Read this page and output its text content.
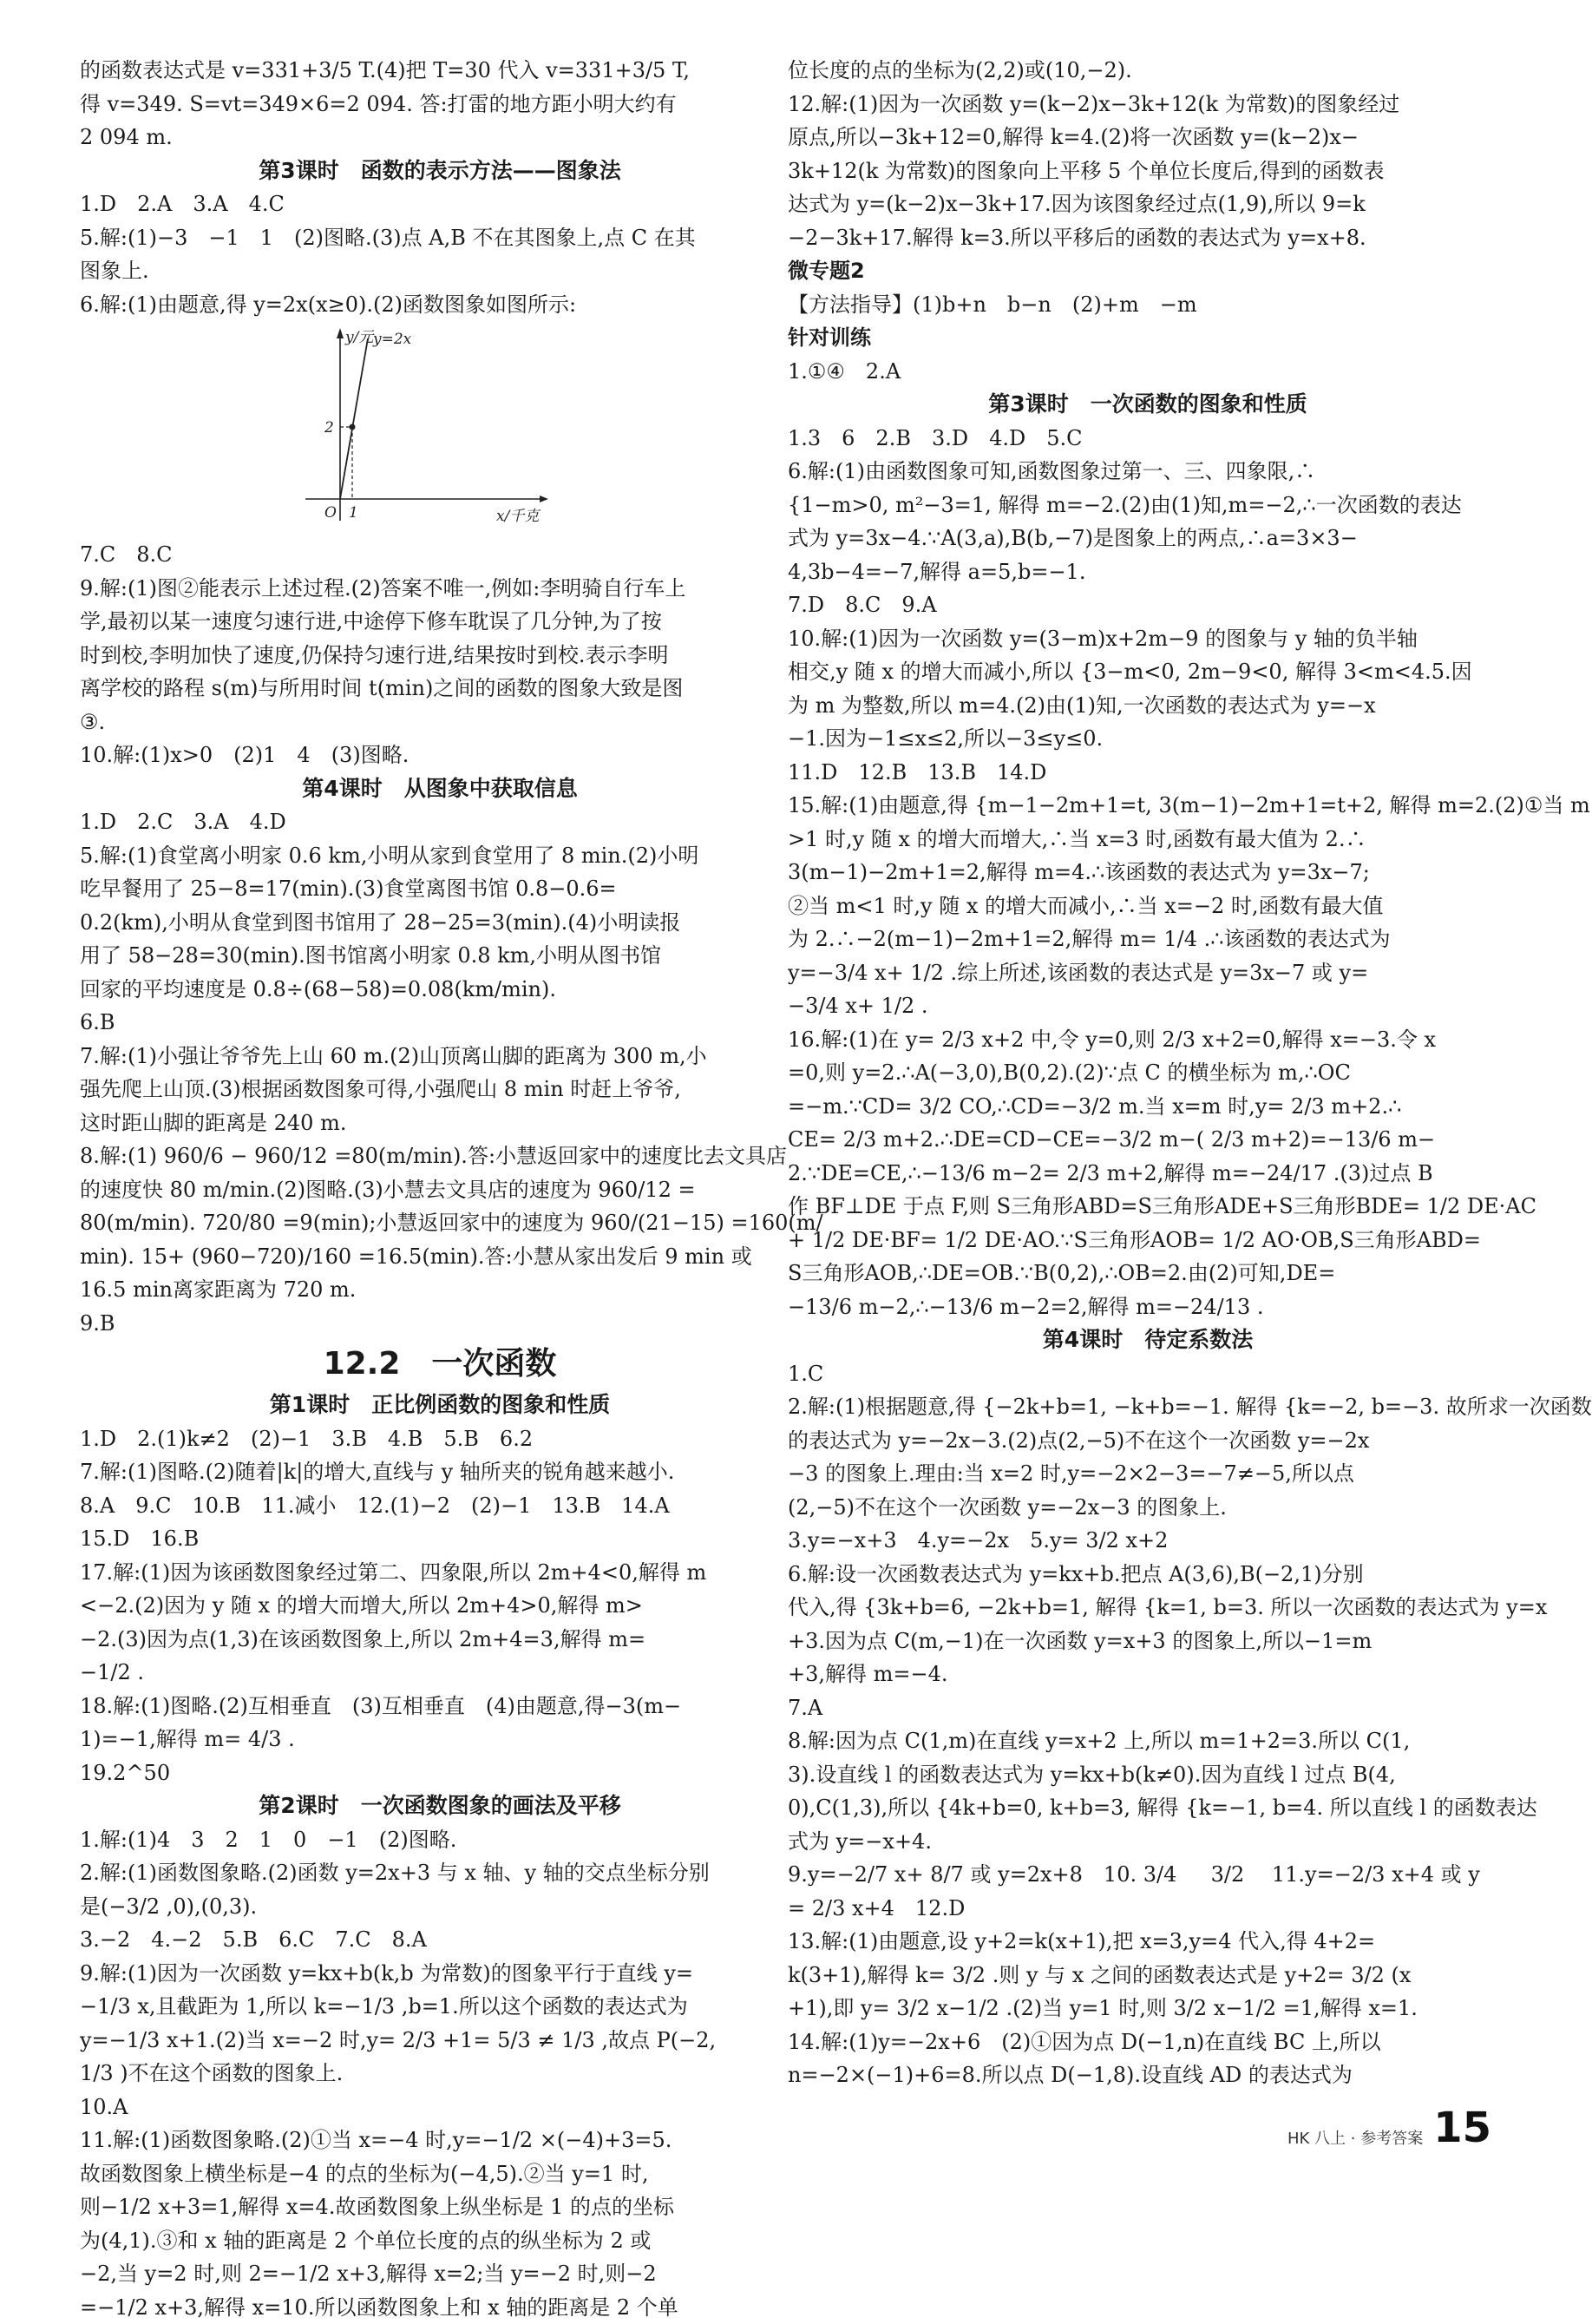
的函数表达式是 v=331+3/5 T.(4)把 T=30 代入 v=331+3/5 T,
得 v=349. S=vt=349×6=2 094. 答:打雷的地方距小明大约有
2 094 m.
第3课时　函数的表示方法——图象法
1.D　2.A　3.A　4.C
5.解:(1)−3　−1　1　(2)图略.(3)点 A,B 不在其图象上,点 C 在其
图象上.
6.解:(1)由题意,得 y=2x(x≥0).(2)函数图象如图所示:
y/元 y=2x
O 1
2
x/千克
7.C　8.C
9.解:(1)图②能表示上述过程.(2)答案不唯一,例如:李明骑自行车上
学,最初以某一速度匀速行进,中途停下修车耽误了几分钟,为了按
时到校,李明加快了速度,仍保持匀速行进,结果按时到校.表示李明
离学校的路程 s(m)与所用时间 t(min)之间的函数的图象大致是图
③.
10.解:(1)x>0　(2)1　4　(3)图略.
第4课时　从图象中获取信息
1.D　2.C　3.A　4.D
5.解:(1)食堂离小明家 0.6 km,小明从家到食堂用了 8 min.(2)小明
吃早餐用了 25−8=17(min).(3)食堂离图书馆 0.8−0.6=
0.2(km),小明从食堂到图书馆用了 28−25=3(min).(4)小明读报
用了 58−28=30(min).图书馆离小明家 0.8 km,小明从图书馆
回家的平均速度是 0.8÷(68−58)=0.08(km/min).
6.B
7.解:(1)小强让爷爷先上山 60 m.(2)山顶离山脚的距离为 300 m,小
强先爬上山顶.(3)根据函数图象可得,小强爬山 8 min 时赶上爷爷,
这时距山脚的距离是 240 m.
8.解:(1) 960/6 − 960/12 =80(m/min).答:小慧返回家中的速度比去文具店
的速度快 80 m/min.(2)图略.(3)小慧去文具店的速度为 960/12 =
80(m/min). 720/80 =9(min);小慧返回家中的速度为 960/(21−15) =160(m/
min). 15+ (960−720)/160 =16.5(min).答:小慧从家出发后 9 min 或
16.5 min离家距离为 720 m.
9.B
12.2　一次函数
第1课时　正比例函数的图象和性质
1.D　2.(1)k≠2　(2)−1　3.B　4.B　5.B　6.2
7.解:(1)图略.(2)随着|k|的增大,直线与 y 轴所夹的锐角越来越小.
8.A　9.C　10.B　11.减小　12.(1)−2　(2)−1　13.B　14.A
15.D　16.B
17.解:(1)因为该函数图象经过第二、四象限,所以 2m+4<0,解得 m
<−2.(2)因为 y 随 x 的增大而增大,所以 2m+4>0,解得 m>
−2.(3)因为点(1,3)在该函数图象上,所以 2m+4=3,解得 m=
−1/2 .
18.解:(1)图略.(2)互相垂直　(3)互相垂直　(4)由题意,得−3(m−
1)=−1,解得 m= 4/3 .
19.2^50
第2课时　一次函数图象的画法及平移
1.解:(1)4　3　2　1　0　−1　(2)图略.
2.解:(1)函数图象略.(2)函数 y=2x+3 与 x 轴、y 轴的交点坐标分别
是(−3/2 ,0),(0,3).
3.−2　4.−2　5.B　6.C　7.C　8.A
9.解:(1)因为一次函数 y=kx+b(k,b 为常数)的图象平行于直线 y=
−1/3 x,且截距为 1,所以 k=−1/3 ,b=1.所以这个函数的表达式为
y=−1/3 x+1.(2)当 x=−2 时,y= 2/3 +1= 5/3 ≠ 1/3 ,故点 P(−2,
1/3 )不在这个函数的图象上.
10.A
11.解:(1)函数图象略.(2)①当 x=−4 时,y=−1/2 ×(−4)+3=5.
故函数图象上横坐标是−4 的点的坐标为(−4,5).②当 y=1 时,
则−1/2 x+3=1,解得 x=4.故函数图象上纵坐标是 1 的点的坐标
为(4,1).③和 x 轴的距离是 2 个单位长度的点的纵坐标为 2 或
−2,当 y=2 时,则 2=−1/2 x+3,解得 x=2;当 y=−2 时,则−2
=−1/2 x+3,解得 x=10.所以函数图象上和 x 轴的距离是 2 个单
位长度的点的坐标为(2,2)或(10,−2).
12.解:(1)因为一次函数 y=(k−2)x−3k+12(k 为常数)的图象经过
原点,所以−3k+12=0,解得 k=4.(2)将一次函数 y=(k−2)x−
3k+12(k 为常数)的图象向上平移 5 个单位长度后,得到的函数表
达式为 y=(k−2)x−3k+17.因为该图象经过点(1,9),所以 9=k
−2−3k+17.解得 k=3.所以平移后的函数的表达式为 y=x+8.
微专题2
【方法指导】(1)b+n　b−n　(2)+m　−m
针对训练
1.①④　2.A
第3课时　一次函数的图象和性质
1.3　6　2.B　3.D　4.D　5.C
6.解:(1)由函数图象可知,函数图象过第一、三、四象限,∴
{1−m>0, m²−3=1, 解得 m=−2.(2)由(1)知,m=−2,∴一次函数的表达
式为 y=3x−4.∵A(3,a),B(b,−7)是图象上的两点,∴a=3×3−
4,3b−4=−7,解得 a=5,b=−1.
7.D　8.C　9.A
10.解:(1)因为一次函数 y=(3−m)x+2m−9 的图象与 y 轴的负半轴
相交,y 随 x 的增大而减小,所以 {3−m<0, 2m−9<0, 解得 3<m<4.5.因
为 m 为整数,所以 m=4.(2)由(1)知,一次函数的表达式为 y=−x
−1.因为−1≤x≤2,所以−3≤y≤0.
11.D　12.B　13.B　14.D
15.解:(1)由题意,得 {m−1−2m+1=t, 3(m−1)−2m+1=t+2, 解得 m=2.(2)①当 m
>1 时,y 随 x 的增大而增大,∴当 x=3 时,函数有最大值为 2.∴
3(m−1)−2m+1=2,解得 m=4.∴该函数的表达式为 y=3x−7;
②当 m<1 时,y 随 x 的增大而减小,∴当 x=−2 时,函数有最大值
为 2.∴−2(m−1)−2m+1=2,解得 m= 1/4 .∴该函数的表达式为
y=−3/4 x+ 1/2 .综上所述,该函数的表达式是 y=3x−7 或 y=
−3/4 x+ 1/2 .
16.解:(1)在 y= 2/3 x+2 中,令 y=0,则 2/3 x+2=0,解得 x=−3.令 x
=0,则 y=2.∴A(−3,0),B(0,2).(2)∵点 C 的横坐标为 m,∴OC
=−m.∵CD= 3/2 CO,∴CD=−3/2 m.当 x=m 时,y= 2/3 m+2.∴
CE= 2/3 m+2.∴DE=CD−CE=−3/2 m−( 2/3 m+2)=−13/6 m−
2.∵DE=CE,∴−13/6 m−2= 2/3 m+2,解得 m=−24/17 .(3)过点 B
作 BF⊥DE 于点 F,则 S三角形ABD=S三角形ADE+S三角形BDE= 1/2 DE·AC
+ 1/2 DE·BF= 1/2 DE·AO.∵S三角形AOB= 1/2 AO·OB,S三角形ABD=
S三角形AOB,∴DE=OB.∵B(0,2),∴OB=2.由(2)可知,DE=
−13/6 m−2,∴−13/6 m−2=2,解得 m=−24/13 .
第4课时　待定系数法
1.C
2.解:(1)根据题意,得 {−2k+b=1, −k+b=−1. 解得 {k=−2, b=−3. 故所求一次函数
的表达式为 y=−2x−3.(2)点(2,−5)不在这个一次函数 y=−2x
−3 的图象上.理由:当 x=2 时,y=−2×2−3=−7≠−5,所以点
(2,−5)不在这个一次函数 y=−2x−3 的图象上.
3.y=−x+3　4.y=−2x　5.y= 3/2 x+2
6.解:设一次函数表达式为 y=kx+b.把点 A(3,6),B(−2,1)分别
代入,得 {3k+b=6, −2k+b=1, 解得 {k=1, b=3. 所以一次函数的表达式为 y=x
+3.因为点 C(m,−1)在一次函数 y=x+3 的图象上,所以−1=m
+3,解得 m=−4.
7.A
8.解:因为点 C(1,m)在直线 y=x+2 上,所以 m=1+2=3.所以 C(1,
3).设直线 l 的函数表达式为 y=kx+b(k≠0).因为直线 l 过点 B(4,
0),C(1,3),所以 {4k+b=0, k+b=3, 解得 {k=−1, b=4. 所以直线 l 的函数表达
式为 y=−x+4.
9.y=−2/7 x+ 8/7 或 y=2x+8　10. 3/4 　 3/2 　11.y=−2/3 x+4 或 y
= 2/3 x+4　12.D
13.解:(1)由题意,设 y+2=k(x+1),把 x=3,y=4 代入,得 4+2=
k(3+1),解得 k= 3/2 .则 y 与 x 之间的函数表达式是 y+2= 3/2 (x
+1),即 y= 3/2 x−1/2 .(2)当 y=1 时,则 3/2 x−1/2 =1,解得 x=1.
14.解:(1)y=−2x+6　(2)①因为点 D(−1,n)在直线 BC 上,所以
n=−2×(−1)+6=8.所以点 D(−1,8).设直线 AD 的表达式为
HK 八上 · 参考答案 15
